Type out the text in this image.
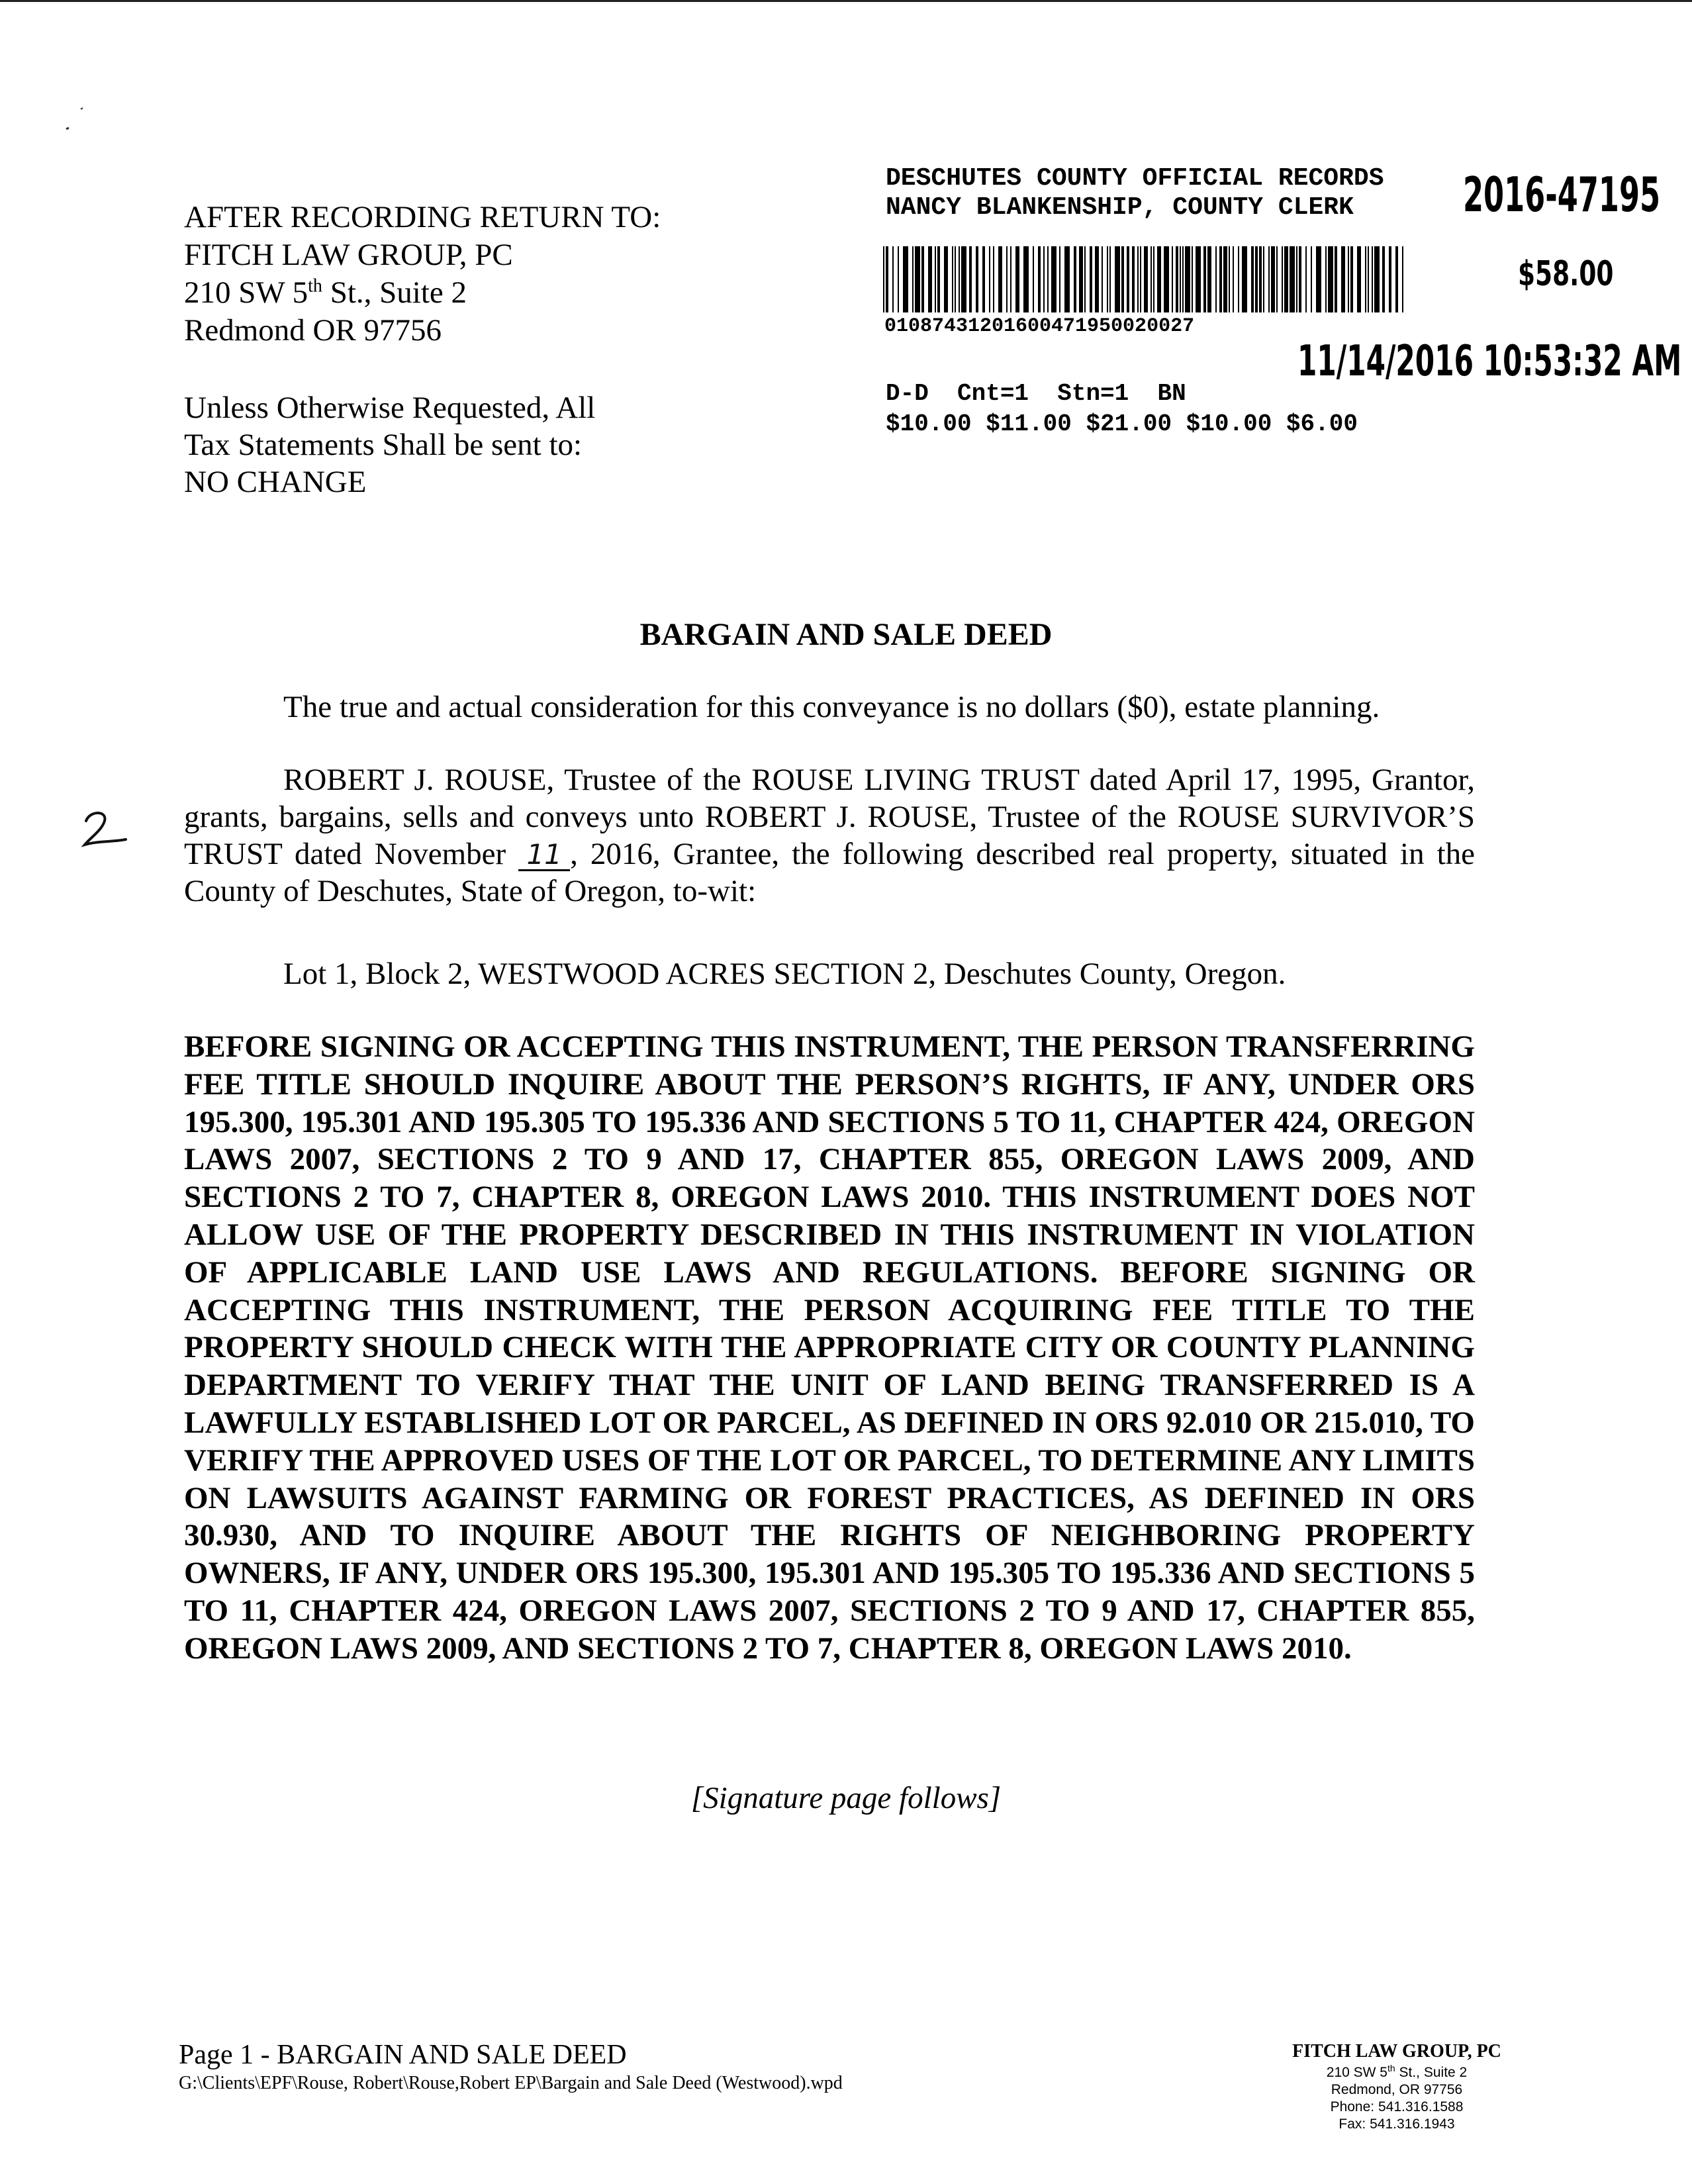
AFTER RECORDING RETURN TO:
FITCH LAW GROUP, PC
210 SW 5th St., Suite 2
Redmond OR 97756
Unless Otherwise Requested, All
Tax Statements Shall be sent to:
NO CHANGE
DESCHUTES COUNTY OFFICIAL RECORDS
NANCY BLANKENSHIP, COUNTY CLERK	2016-47195
$58.00
01087431201600471950020027
11/14/2016 10:53:32 AM
D-D  Cnt=1  Stn=1  BN
$10.00 $11.00 $21.00 $10.00 $6.00
BARGAIN AND SALE DEED
The true and actual consideration for this conveyance is no dollars ($0), estate planning.
ROBERT J. ROUSE, Trustee of the ROUSE LIVING TRUST dated April 17, 1995, Grantor, grants, bargains, sells and conveys unto ROBERT J. ROUSE, Trustee of the ROUSE SURVIVOR’S TRUST dated November 11 , 2016, Grantee, the following described real property, situated in the County of Deschutes, State of Oregon, to-wit:
Lot 1, Block 2, WESTWOOD ACRES SECTION 2, Deschutes County, Oregon.
BEFORE SIGNING OR ACCEPTING THIS INSTRUMENT, THE PERSON TRANSFERRING FEE TITLE SHOULD INQUIRE ABOUT THE PERSON’S RIGHTS, IF ANY, UNDER ORS 195.300, 195.301 AND 195.305 TO 195.336 AND SECTIONS 5 TO 11, CHAPTER 424, OREGON LAWS 2007, SECTIONS 2 TO 9 AND 17, CHAPTER 855, OREGON LAWS 2009, AND SECTIONS 2 TO 7, CHAPTER 8, OREGON LAWS 2010. THIS INSTRUMENT DOES NOT ALLOW USE OF THE PROPERTY DESCRIBED IN THIS INSTRUMENT IN VIOLATION OF APPLICABLE LAND USE LAWS AND REGULATIONS. BEFORE SIGNING OR ACCEPTING THIS INSTRUMENT, THE PERSON ACQUIRING FEE TITLE TO THE PROPERTY SHOULD CHECK WITH THE APPROPRIATE CITY OR COUNTY PLANNING DEPARTMENT TO VERIFY THAT THE UNIT OF LAND BEING TRANSFERRED IS A LAWFULLY ESTABLISHED LOT OR PARCEL, AS DEFINED IN ORS 92.010 OR 215.010, TO VERIFY THE APPROVED USES OF THE LOT OR PARCEL, TO DETERMINE ANY LIMITS ON LAWSUITS AGAINST FARMING OR FOREST PRACTICES, AS DEFINED IN ORS 30.930, AND TO INQUIRE ABOUT THE RIGHTS OF NEIGHBORING PROPERTY OWNERS, IF ANY, UNDER ORS 195.300, 195.301 AND 195.305 TO 195.336 AND SECTIONS 5 TO 11, CHAPTER 424, OREGON LAWS 2007, SECTIONS 2 TO 9 AND 17, CHAPTER 855, OREGON LAWS 2009, AND SECTIONS 2 TO 7, CHAPTER 8, OREGON LAWS 2010.
[Signature page follows]
Page 1 - BARGAIN AND SALE DEED
G:\Clients\EPF\Rouse, Robert\Rouse,Robert EP\Bargain and Sale Deed (Westwood).wpd
FITCH LAW GROUP, PC
210 SW 5th St., Suite 2
Redmond, OR 97756
Phone: 541.316.1588
Fax: 541.316.1943
